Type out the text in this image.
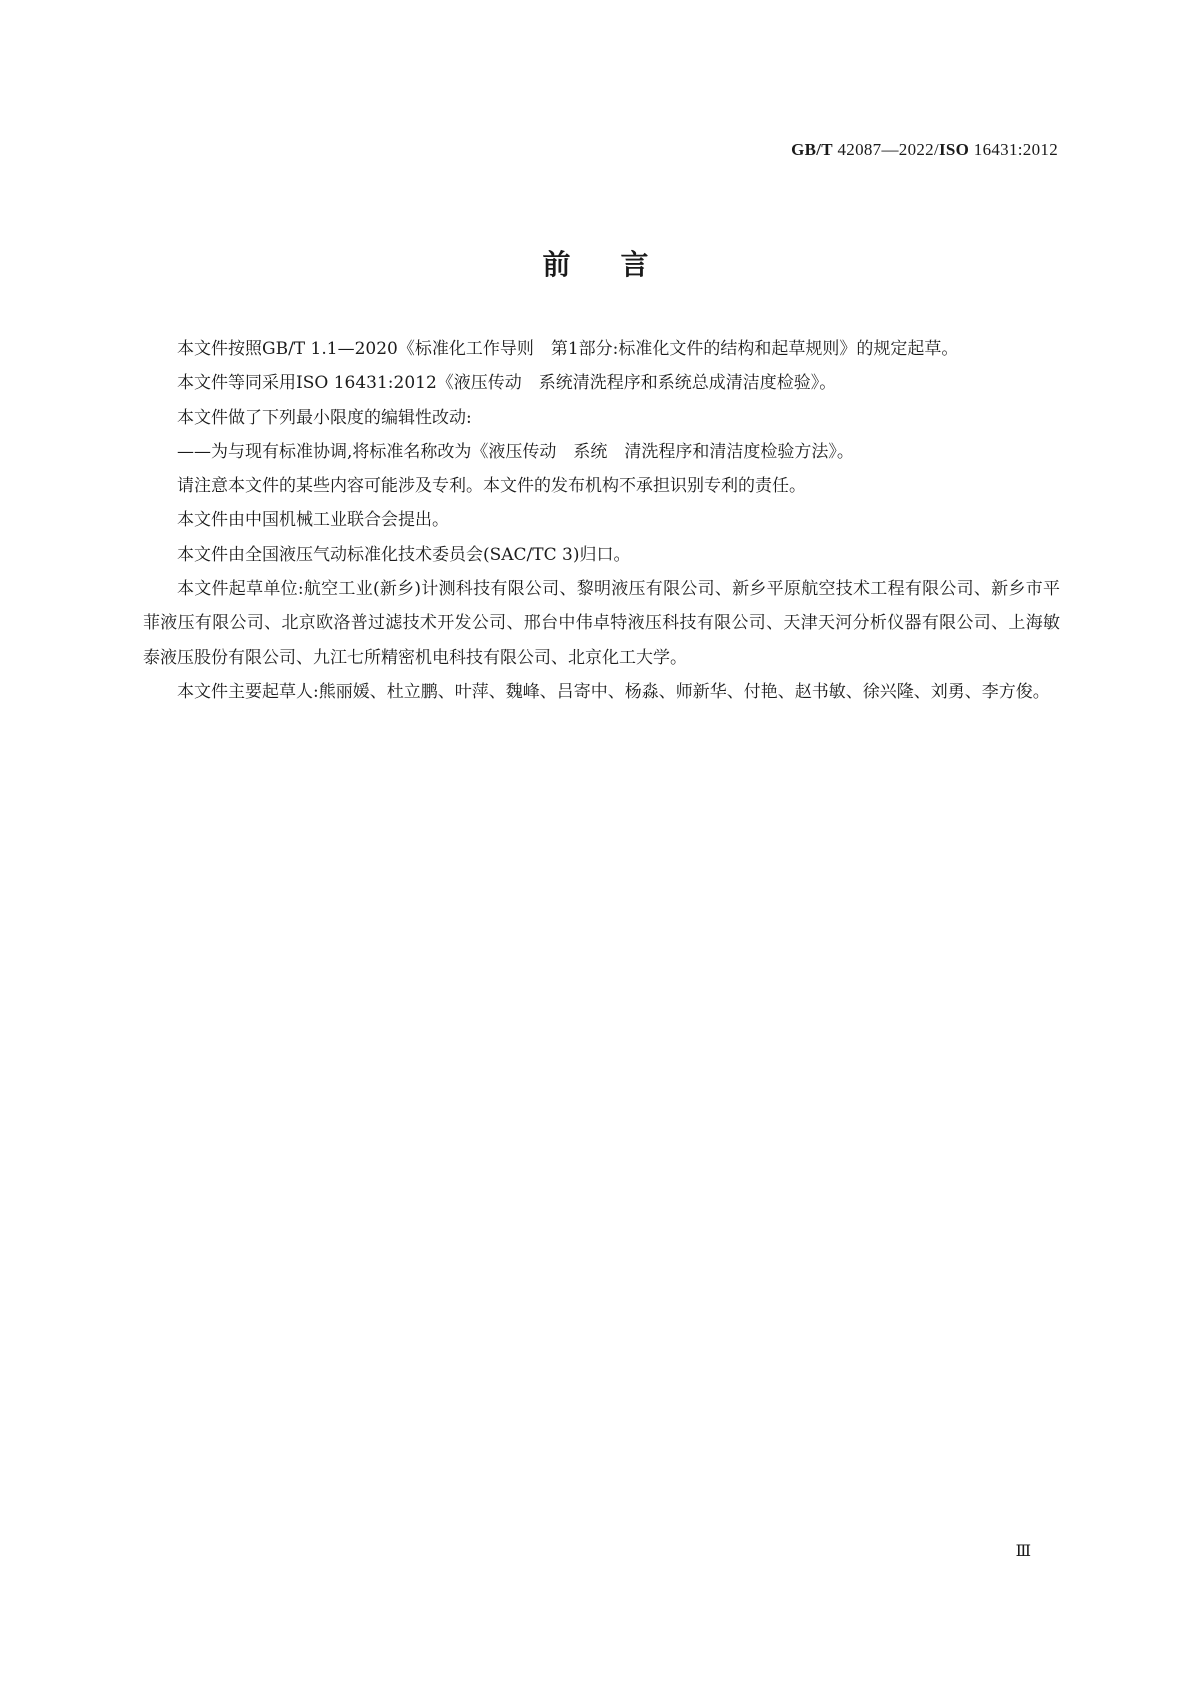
GB/T 42087—2022/ISO 16431:2012
前言

本文件按照GB/T 1.1—2020《标准化工作导则　第1部分:标准化文件的结构和起草规则》的规定起草。

本文件等同采用ISO 16431:2012《液压传动　系统清洗程序和系统总成清洁度检验》。

本文件做了下列最小限度的编辑性改动:

——为与现有标准协调,将标准名称改为《液压传动　系统　清洗程序和清洁度检验方法》。

请注意本文件的某些内容可能涉及专利。本文件的发布机构不承担识别专利的责任。

本文件由中国机械工业联合会提出。

本文件由全国液压气动标准化技术委员会(SAC/TC 3)归口。

本文件起草单位:航空工业(新乡)计测科技有限公司、黎明液压有限公司、新乡平原航空技术工程有限公司、新乡市平菲液压有限公司、北京欧洛普过滤技术开发公司、邢台中伟卓特液压科技有限公司、天津天河分析仪器有限公司、上海敏泰液压股份有限公司、九江七所精密机电科技有限公司、北京化工大学。

本文件主要起草人:熊丽媛、杜立鹏、叶萍、魏峰、吕寄中、杨淼、师新华、付艳、赵书敏、徐兴隆、刘勇、李方俊。

Ⅲ
